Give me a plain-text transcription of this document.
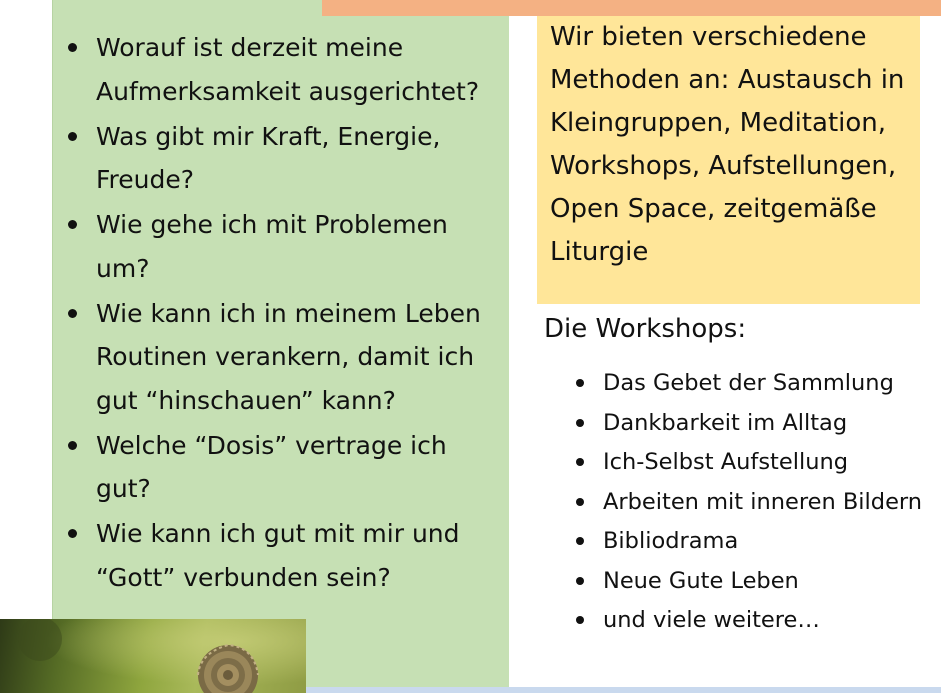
Worauf ist derzeit meine Aufmerksamkeit ausgerichtet?
Was gibt mir Kraft, Energie, Freude?
Wie gehe ich mit Problemen um?
Wie kann ich in meinem Leben Routinen verankern, damit ich gut “hinschauen” kann?
Welche “Dosis” vertrage ich gut?
Wie kann ich gut mit mir und “Gott” verbunden sein?

Wir bieten verschiedene Methoden an: Austausch in Kleingruppen, Meditation, Workshops, Aufstellungen, Open Space, zeitgemäße Liturgie

Die Workshops:

Das Gebet der Sammlung
Dankbarkeit im Alltag
Ich-Selbst Aufstellung
Arbeiten mit inneren Bildern
Bibliodrama
Neue Gute Leben
und viele weitere…
